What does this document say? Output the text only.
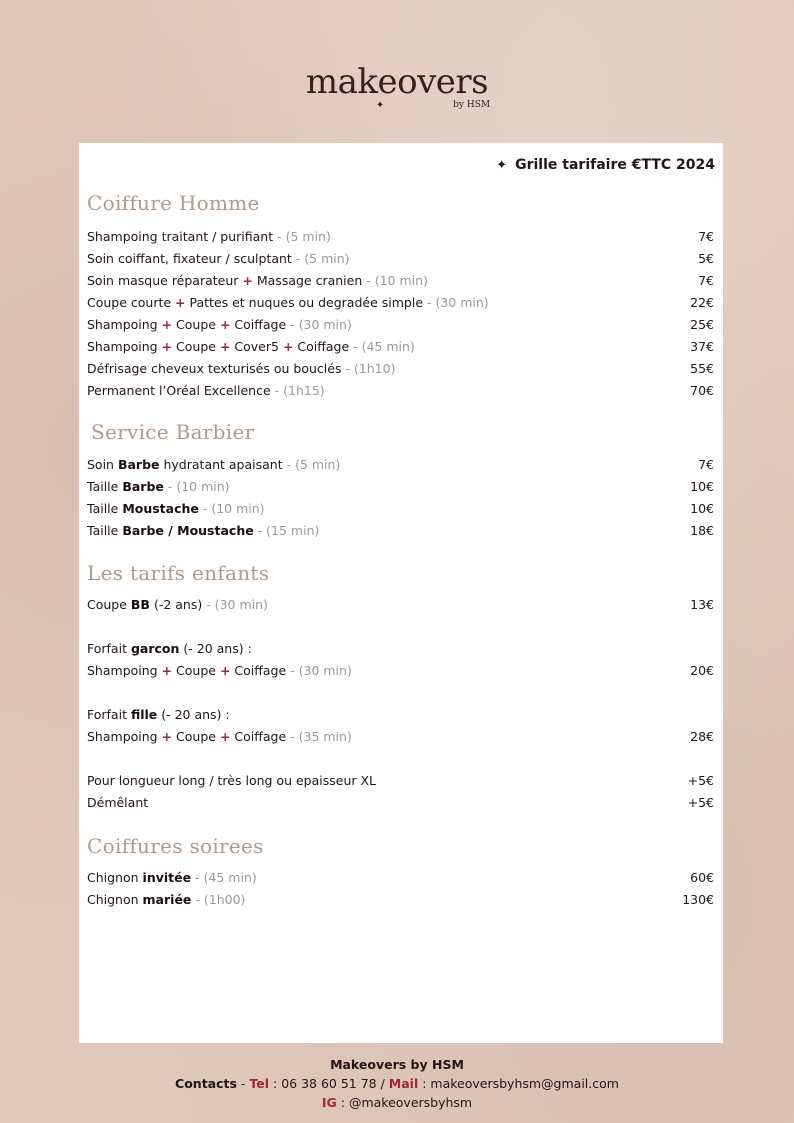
makeovers
✦	by HSM
✦ Grille tarifaire €TTC 2024
Coiffure Homme
Shampoing traitant / purifiant - (5 min)	7€
Soin coiffant, fixateur / sculptant - (5 min)	5€
Soin masque réparateur + Massage cranien - (10 min)	7€
Coupe courte + Pattes et nuques ou degradée simple - (30 min)	22€
Shampoing + Coupe + Coiffage - (30 min)	25€
Shampoing + Coupe + Cover5 + Coiffage - (45 min)	37€
Défrisage cheveux texturisés ou bouclés - (1h10)	55€
Permanent l’Oréal Excellence - (1h15)	70€
Service Barbier
Soin Barbe hydratant apaisant - (5 min)	7€
Taille Barbe - (10 min)	10€
Taille Moustache - (10 min)	10€
Taille Barbe / Moustache - (15 min)	18€
Les tarifs enfants
Coupe BB (-2 ans) - (30 min)	13€
Forfait garcon (- 20 ans) :
Shampoing + Coupe + Coiffage - (30 min)	20€
Forfait fille (- 20 ans) :
Shampoing + Coupe + Coiffage - (35 min)	28€
Pour longueur long / très long ou epaisseur XL	+5€
Démêlant	+5€
Coiffures soirees
Chignon invitée - (45 min)	60€
Chignon mariée - (1h00)	130€
Makeovers by HSM
Contacts - Tel : 06 38 60 51 78 / Mail : makeoversbyhsm@gmail.com
IG : @makeoversbyhsm
